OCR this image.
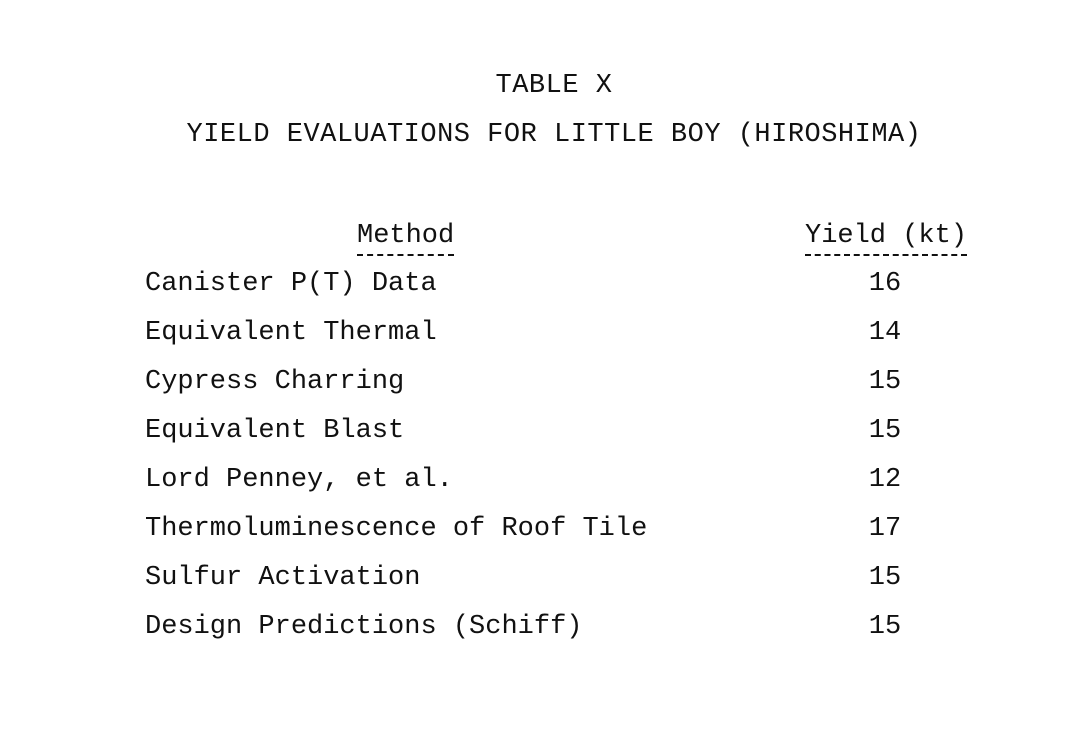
TABLE X
YIELD EVALUATIONS FOR LITTLE BOY (HIROSHIMA)
Method	Yield (kt)
Canister P(T) Data	16
Equivalent Thermal	14
Cypress Charring	15
Equivalent Blast	15
Lord Penney, et al.	12
Thermoluminescence of Roof Tile	17
Sulfur Activation	15
Design Predictions (Schiff)	15
